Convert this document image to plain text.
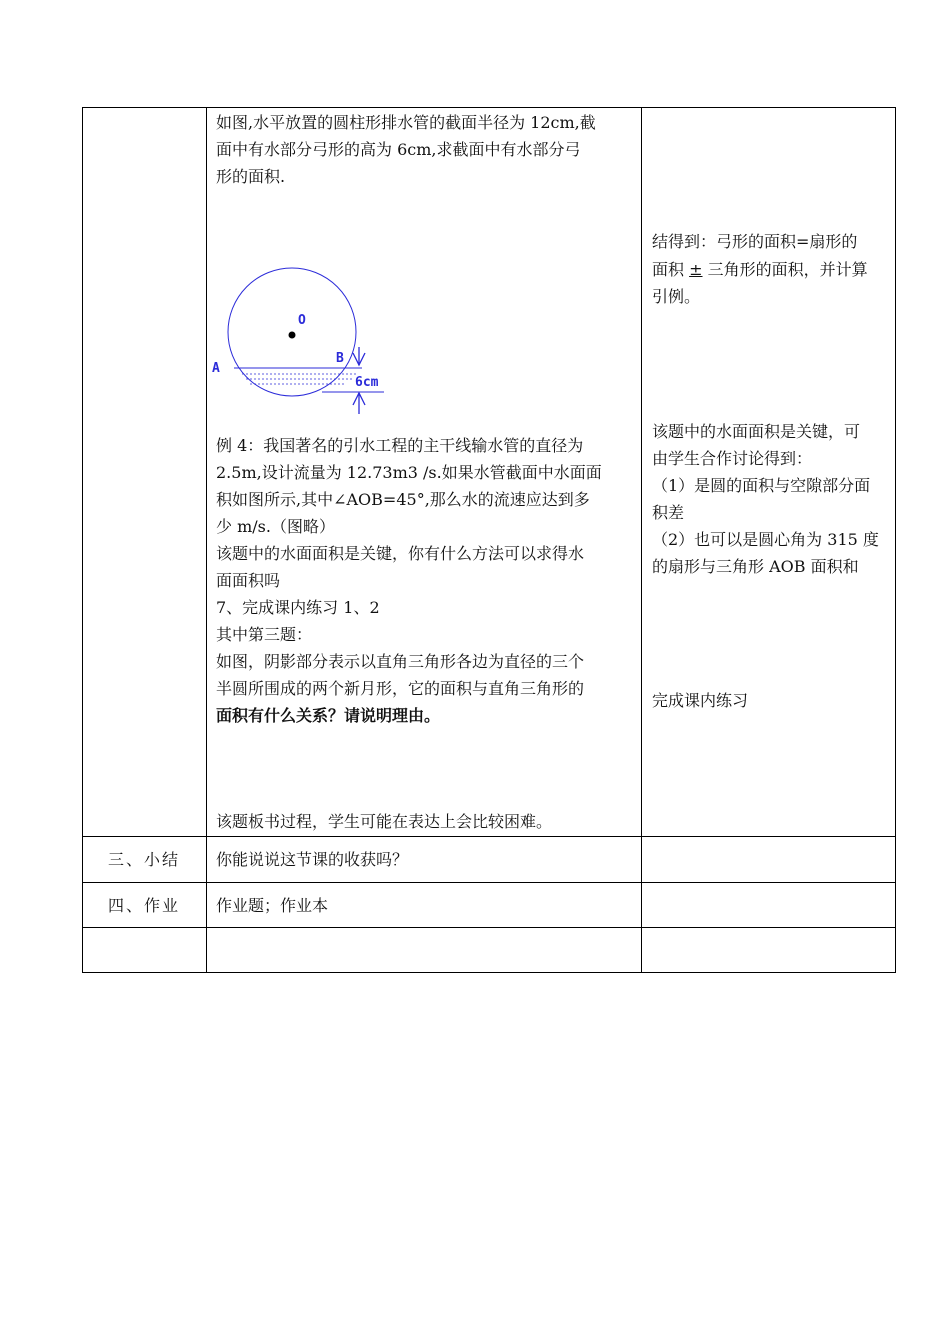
如图,水平放置的圆柱形排水管的截面半径为 12cm,截

面中有水部分弓形的高为 6cm,求截面中有水部分弓

形的面积.

O
A
B
6cm

例 4：我国著名的引水工程的主干线输水管的直径为

2.5m,设计流量为 12.73m3 /s.如果水管截面中水面面

积如图所示,其中∠AOB=45°,那么水的流速应达到多

少 m/s.（图略）

该题中的水面面积是关键，你有什么方法可以求得水

面面积吗

7、完成课内练习 1、2

其中第三题：

如图，阴影部分表示以直角三角形各边为直径的三个

半圆所围成的两个新月形，它的面积与直角三角形的

面积有什么关系？请说明理由。

该题板书过程，学生可能在表达上会比较困难。

结得到：弓形的面积=扇形的

面积 ± 三角形的面积，并计算

引例。

该题中的水面面积是关键，可

由学生合作讨论得到：

（1）是圆的面积与空隙部分面

积差

（2）也可以是圆心角为 315 度

的扇形与三角形 AOB 面积和

完成课内练习

三、小结	你能说说这节课的收获吗？

四、作业	作业题；作业本
